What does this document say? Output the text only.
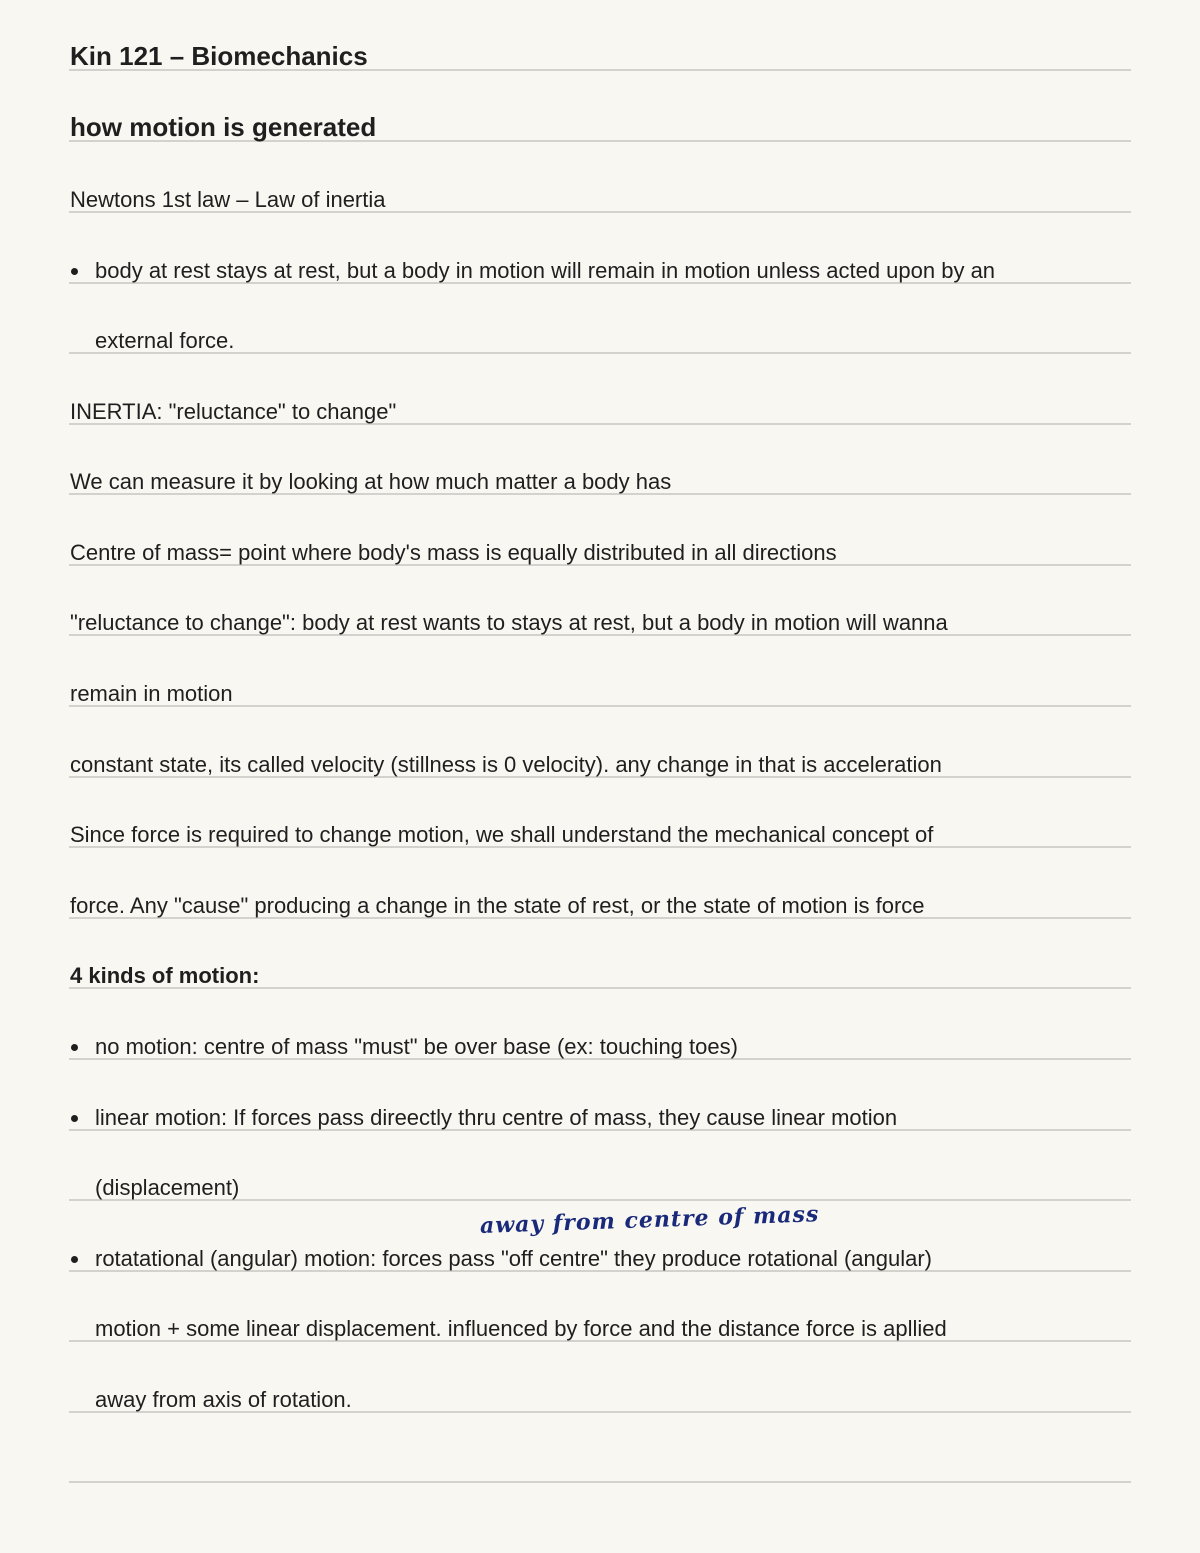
Kin 121 – Biomechanics
how motion is generated
Newtons 1st law – Law of inertia
body at rest stays at rest, but a body in motion will remain in motion unless acted upon by an
external force.
INERTIA: "reluctance" to change"
We can measure it by looking at how much matter a body has
Centre of mass= point where body's mass is equally distributed in all directions
"reluctance to change": body at rest wants to stays at rest, but a body in motion will wanna
remain in motion
constant state, its called velocity (stillness is 0 velocity). any change in that is acceleration
Since force is required to change motion, we shall understand the mechanical concept of
force. Any "cause" producing a change in the state of rest, or the state of motion is force
4 kinds of motion:
no motion: centre of mass "must" be over base (ex: touching toes)
linear motion: If forces pass direectly thru centre of mass, they cause linear motion
(displacement)
away from centre of mass
rotatational (angular) motion: forces pass "off centre" they produce rotational (angular)
motion + some linear displacement. influenced by force and the distance force is apllied
away from axis of rotation.
